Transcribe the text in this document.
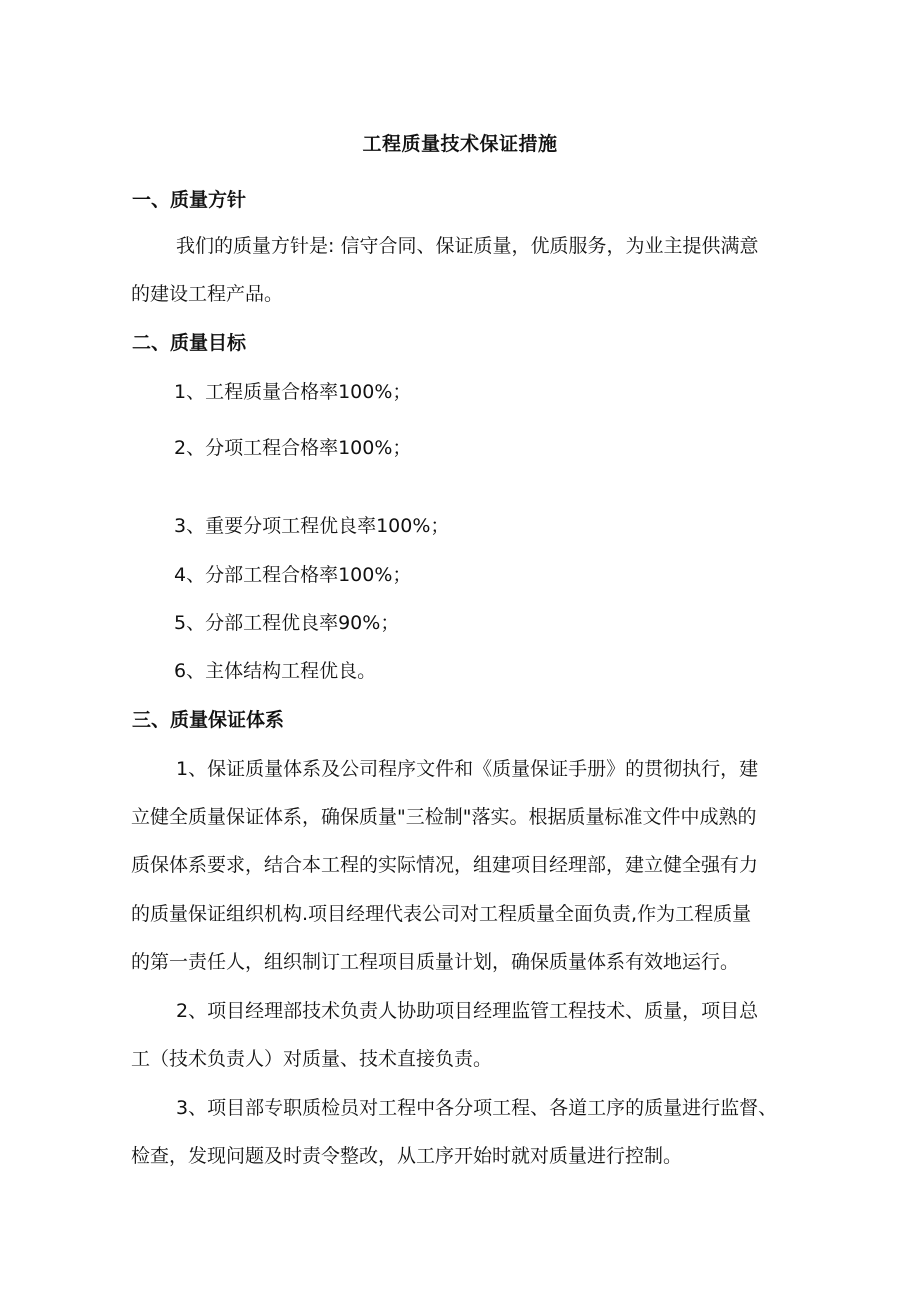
工程质量技术保证措施
一、质量方针
我们的质量方针是: 信守合同、保证质量，优质服务，为业主提供满意
的建设工程产品。
二、质量目标
1、工程质量合格率100%；
2、分项工程合格率100%；
3、重要分项工程优良率100%；
4、分部工程合格率100%；
5、分部工程优良率90%；
6、主体结构工程优良。
三、质量保证体系
1、保证质量体系及公司程序文件和《质量保证手册》的贯彻执行，建
立健全质量保证体系，确保质量"三检制"落实。根据质量标准文件中成熟的
质保体系要求，结合本工程的实际情况，组建项目经理部，建立健全强有力
的质量保证组织机构.项目经理代表公司对工程质量全面负责,作为工程质量
的第一责任人，组织制订工程项目质量计划，确保质量体系有效地运行。
2、项目经理部技术负责人协助项目经理监管工程技术、质量，项目总
工（技术负责人）对质量、技术直接负责。
3、项目部专职质检员对工程中各分项工程、各道工序的质量进行监督、
检查，发现问题及时责令整改，从工序开始时就对质量进行控制。
